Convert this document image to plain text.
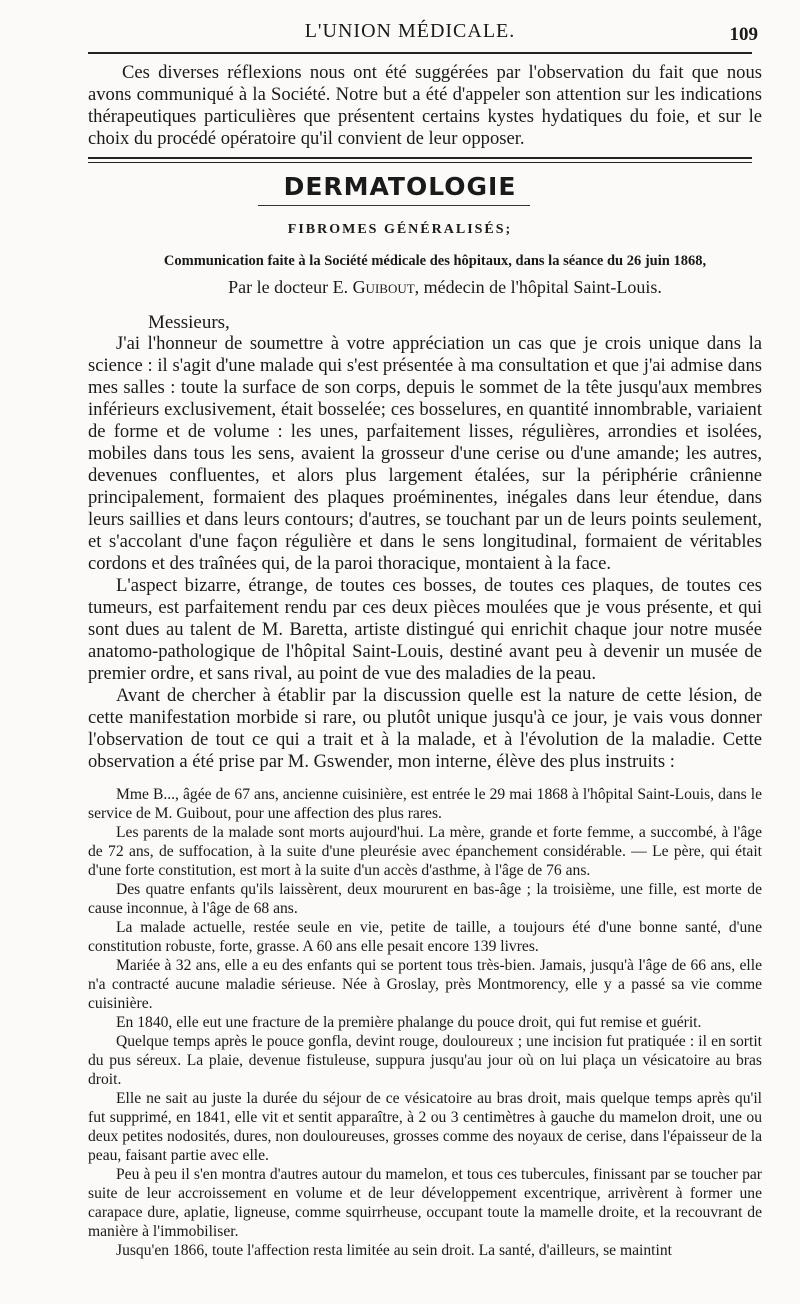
L'UNION MÉDICALE.	109

Ces diverses réflexions nous ont été suggérées par l'observation du fait que nous avons communiqué à la Société. Notre but a été d'appeler son attention sur les indications thérapeutiques particulières que présentent certains kystes hydatiques du foie, et sur le choix du procédé opératoire qu'il convient de leur opposer.

DERMATOLOGIE
FIBROMES GÉNÉRALISÉS;
Communication faite à la Société médicale des hôpitaux, dans la séance du 26 juin 1868,
Par le docteur E. Guibout, médecin de l'hôpital Saint-Louis.
Messieurs,

J'ai l'honneur de soumettre à votre appréciation un cas que je crois unique dans la science : il s'agit d'une malade qui s'est présentée à ma consultation et que j'ai admise dans mes salles : toute la surface de son corps, depuis le sommet de la tête jusqu'aux membres inférieurs exclusivement, était bosselée; ces bosselures, en quantité innombrable, variaient de forme et de volume : les unes, parfaitement lisses, régulières, arrondies et isolées, mobiles dans tous les sens, avaient la grosseur d'une cerise ou d'une amande; les autres, devenues confluentes, et alors plus largement étalées, sur la périphérie crânienne principalement, formaient des plaques proéminentes, inégales dans leur étendue, dans leurs saillies et dans leurs contours; d'autres, se touchant par un de leurs points seulement, et s'accolant d'une façon régulière et dans le sens longitudinal, formaient de véritables cordons et des traînées qui, de la paroi thoracique, montaient à la face.

L'aspect bizarre, étrange, de toutes ces bosses, de toutes ces plaques, de toutes ces tumeurs, est parfaitement rendu par ces deux pièces moulées que je vous présente, et qui sont dues au talent de M. Baretta, artiste distingué qui enrichit chaque jour notre musée anatomo-pathologique de l'hôpital Saint-Louis, destiné avant peu à devenir un musée de premier ordre, et sans rival, au point de vue des maladies de la peau.

Avant de chercher à établir par la discussion quelle est la nature de cette lésion, de cette manifestation morbide si rare, ou plutôt unique jusqu'à ce jour, je vais vous donner l'observation de tout ce qui a trait et à la malade, et à l'évolution de la maladie. Cette observation a été prise par M. Gswender, mon interne, élève des plus instruits :

Mme B..., âgée de 67 ans, ancienne cuisinière, est entrée le 29 mai 1868 à l'hôpital Saint-Louis, dans le service de M. Guibout, pour une affection des plus rares.

Les parents de la malade sont morts aujourd'hui. La mère, grande et forte femme, a succombé, à l'âge de 72 ans, de suffocation, à la suite d'une pleurésie avec épanchement considérable. — Le père, qui était d'une forte constitution, est mort à la suite d'un accès d'asthme, à l'âge de 76 ans.

Des quatre enfants qu'ils laissèrent, deux moururent en bas-âge ; la troisième, une fille, est morte de cause inconnue, à l'âge de 68 ans.

La malade actuelle, restée seule en vie, petite de taille, a toujours été d'une bonne santé, d'une constitution robuste, forte, grasse. A 60 ans elle pesait encore 139 livres.

Mariée à 32 ans, elle a eu des enfants qui se portent tous très-bien. Jamais, jusqu'à l'âge de 66 ans, elle n'a contracté aucune maladie sérieuse. Née à Groslay, près Montmorency, elle y a passé sa vie comme cuisinière.

En 1840, elle eut une fracture de la première phalange du pouce droit, qui fut remise et guérit.

Quelque temps après le pouce gonfla, devint rouge, douloureux ; une incision fut pratiquée : il en sortit du pus séreux. La plaie, devenue fistuleuse, suppura jusqu'au jour où on lui plaça un vésicatoire au bras droit.

Elle ne sait au juste la durée du séjour de ce vésicatoire au bras droit, mais quelque temps après qu'il fut supprimé, en 1841, elle vit et sentit apparaître, à 2 ou 3 centimètres à gauche du mamelon droit, une ou deux petites nodosités, dures, non douloureuses, grosses comme des noyaux de cerise, dans l'épaisseur de la peau, faisant partie avec elle.

Peu à peu il s'en montra d'autres autour du mamelon, et tous ces tubercules, finissant par se toucher par suite de leur accroissement en volume et de leur développement excentrique, arrivèrent à former une carapace dure, aplatie, ligneuse, comme squirrheuse, occupant toute la mamelle droite, et la recouvrant de manière à l'immobiliser.

Jusqu'en 1866, toute l'affection resta limitée au sein droit. La santé, d'ailleurs, se maintint
